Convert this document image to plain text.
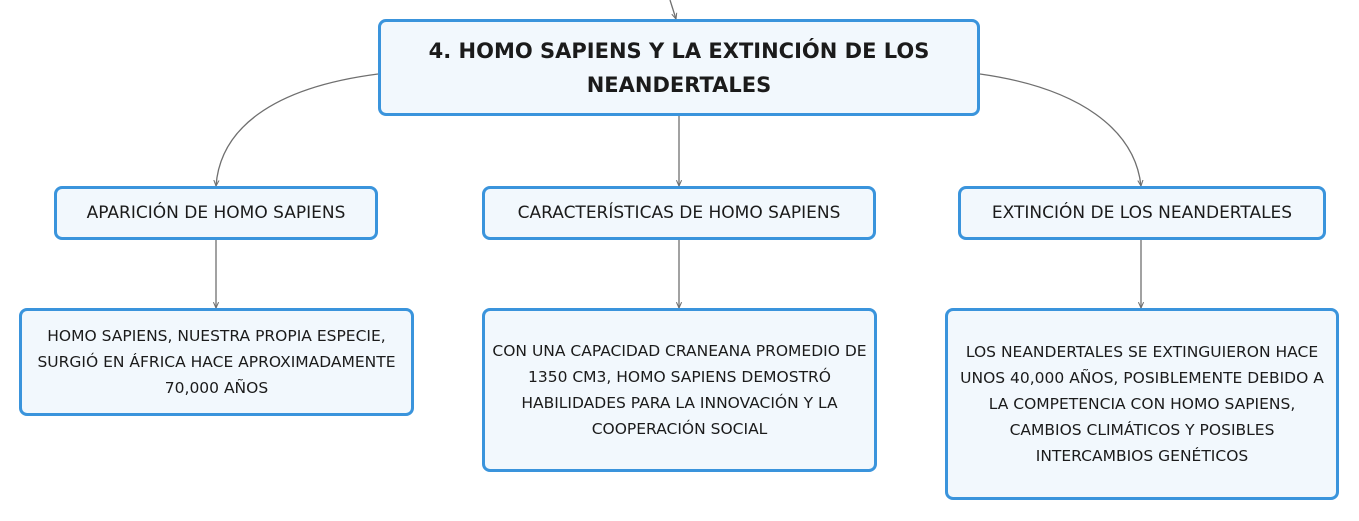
4. HOMO SAPIENS Y LA EXTINCIÓN DE LOS NEANDERTALES
APARICIÓN DE HOMO SAPIENS	CARACTERÍSTICAS DE HOMO SAPIENS	EXTINCIÓN DE LOS NEANDERTALES
HOMO SAPIENS, NUESTRA PROPIA ESPECIE, SURGIÓ EN ÁFRICA HACE APROXIMADAMENTE 70,000 AÑOS
CON UNA CAPACIDAD CRANEANA PROMEDIO DE 1350 CM3, HOMO SAPIENS DEMOSTRÓ HABILIDADES PARA LA INNOVACIÓN Y LA COOPERACIÓN SOCIAL
LOS NEANDERTALES SE EXTINGUIERON HACE UNOS 40,000 AÑOS, POSIBLEMENTE DEBIDO A LA COMPETENCIA CON HOMO SAPIENS, CAMBIOS CLIMÁTICOS Y POSIBLES INTERCAMBIOS GENÉTICOS
